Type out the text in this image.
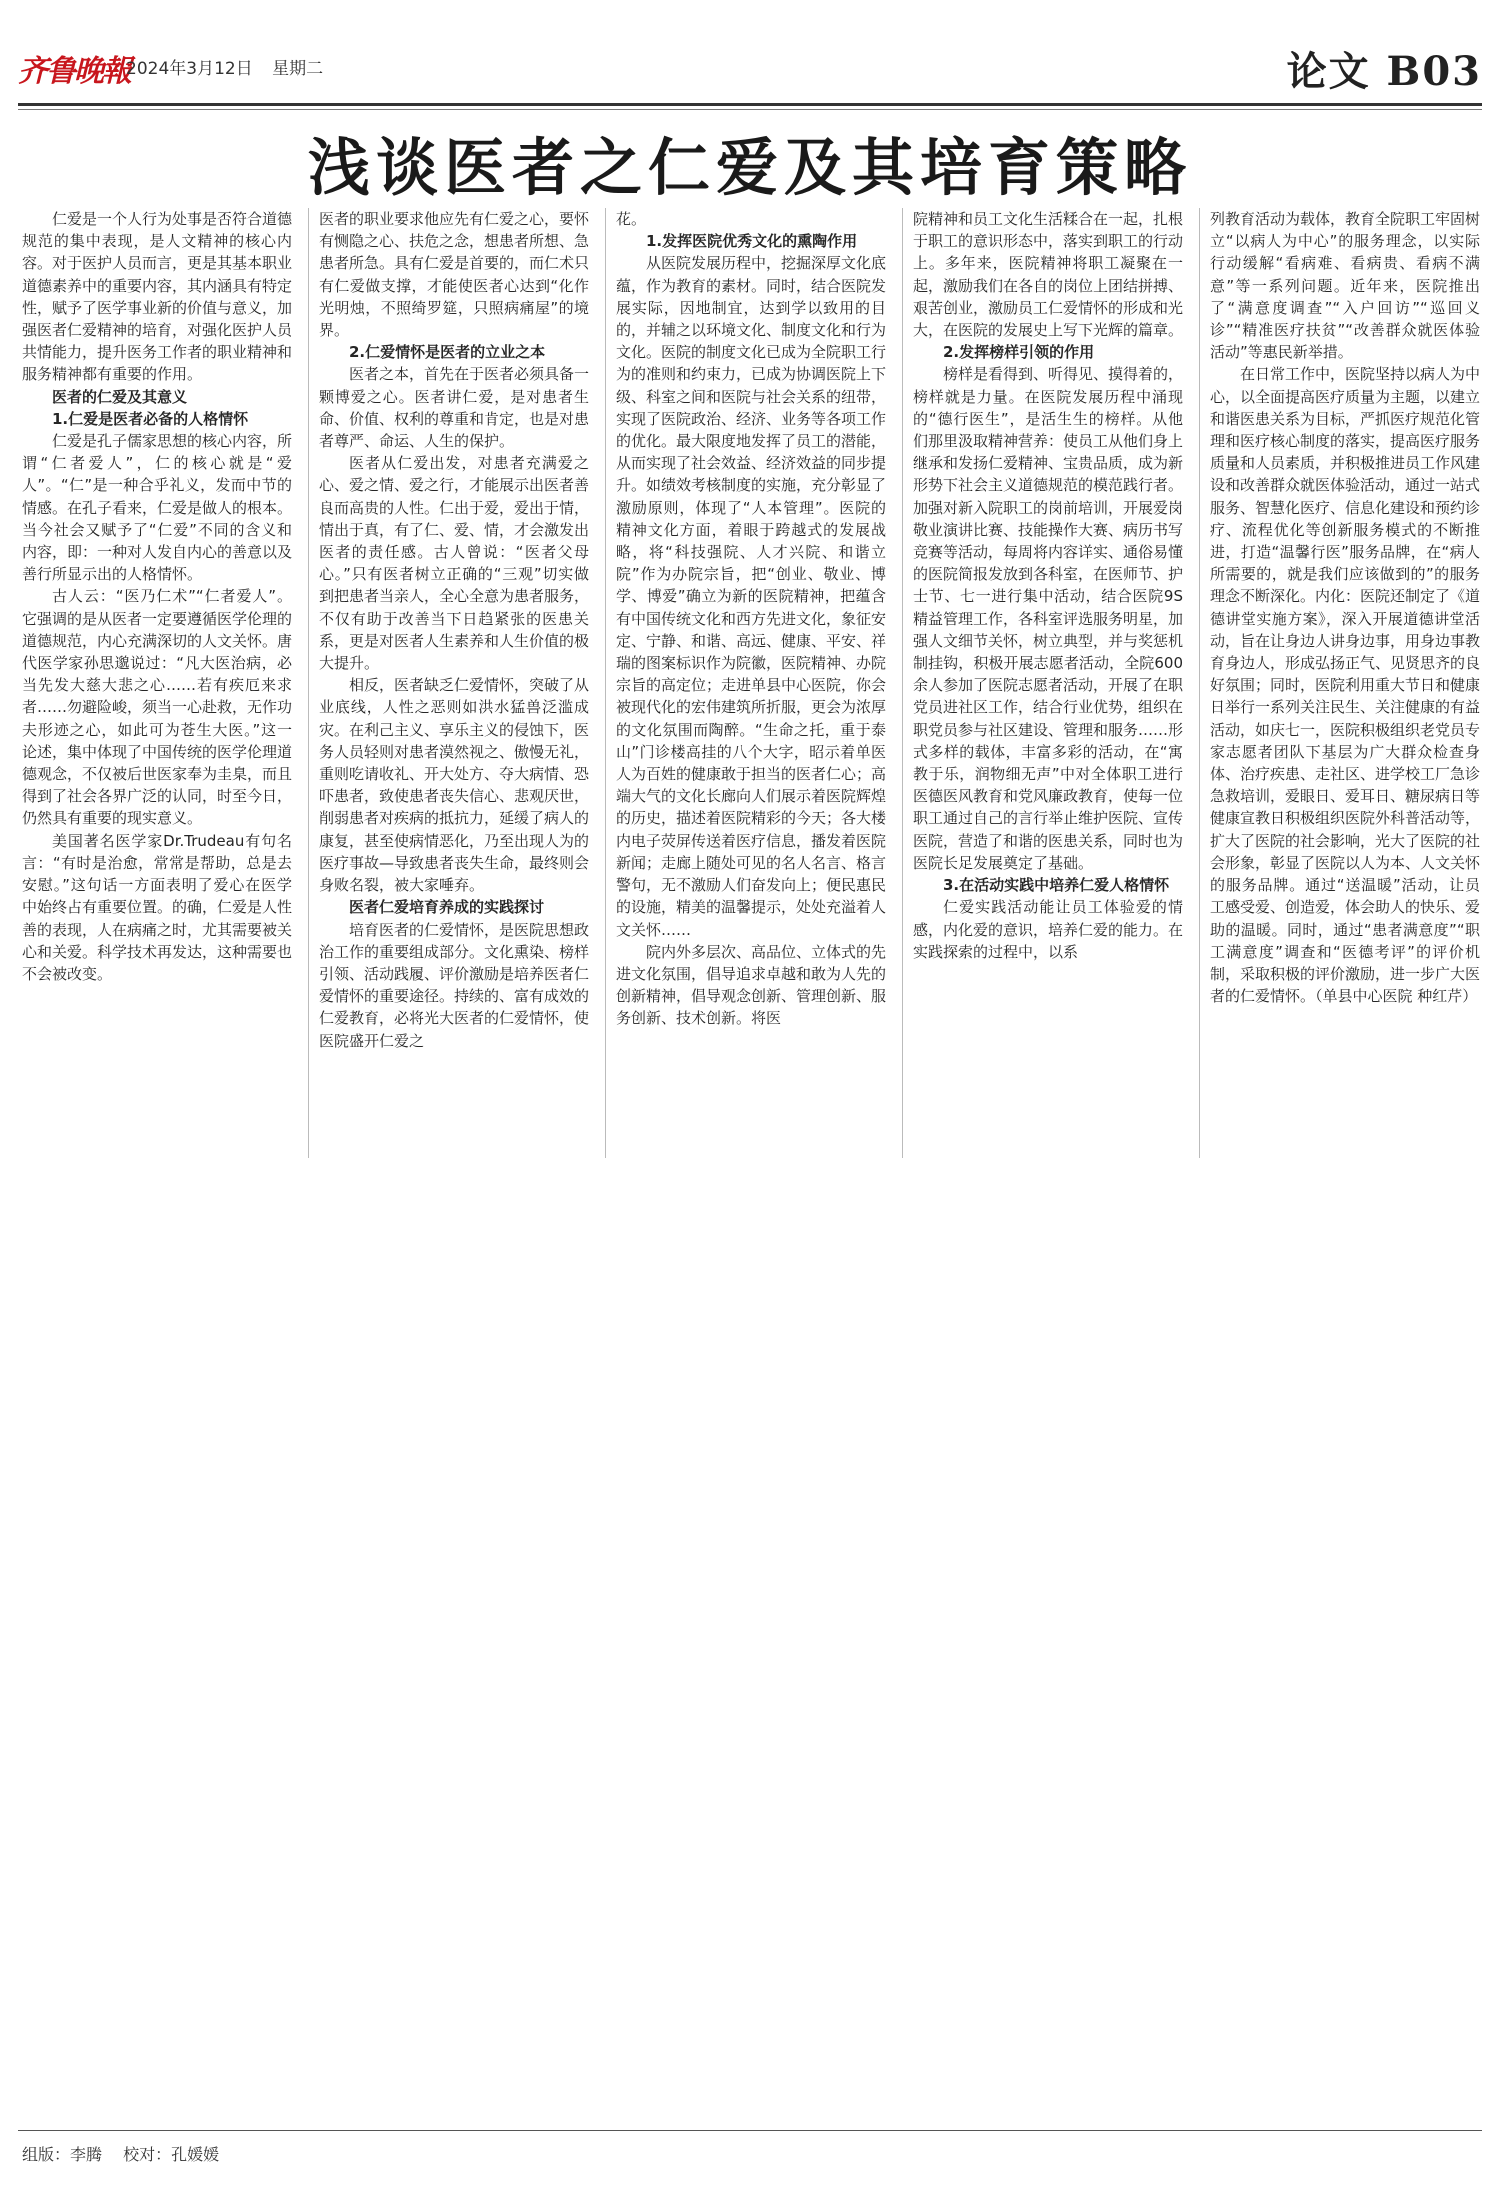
齐鲁晚報
2024年3月12日 星期二	论文 B03
浅谈医者之仁爱及其培育策略

仁爱是一个人行为处事是否符合道德规范的集中表现，是人文精神的核心内容。对于医护人员而言，更是其基本职业道德素养中的重要内容，其内涵具有特定性，赋予了医学事业新的价值与意义，加强医者仁爱精神的培育，对强化医护人员共情能力，提升医务工作者的职业精神和服务精神都有重要的作用。

医者的仁爱及其意义

1.仁爱是医者必备的人格情怀

仁爱是孔子儒家思想的核心内容，所谓“仁者爱人”，仁的核心就是“爱人”。“仁”是一种合乎礼义，发而中节的情感。在孔子看来，仁爱是做人的根本。当今社会又赋予了“仁爱”不同的含义和内容，即：一种对人发自内心的善意以及善行所显示出的人格情怀。

古人云：“医乃仁术”“仁者爱人”。它强调的是从医者一定要遵循医学伦理的道德规范，内心充满深切的人文关怀。唐代医学家孙思邈说过：“凡大医治病，必当先发大慈大悲之心……若有疾厄来求者……勿避险峻，须当一心赴救，无作功夫形迹之心，如此可为苍生大医。”这一论述，集中体现了中国传统的医学伦理道德观念，不仅被后世医家奉为圭臬，而且得到了社会各界广泛的认同，时至今日，仍然具有重要的现实意义。

美国著名医学家Dr.Trudeau有句名言：“有时是治愈，常常是帮助，总是去安慰。”这句话一方面表明了爱心在医学中始终占有重要位置。的确，仁爱是人性善的表现，人在病痛之时，尤其需要被关心和关爱。科学技术再发达，这种需要也不会被改变。

医者的职业要求他应先有仁爱之心，要怀有恻隐之心、扶危之念，想患者所想、急患者所急。具有仁爱是首要的，而仁术只有仁爱做支撑，才能使医者心达到“化作光明烛，不照绮罗筵，只照病痛屋”的境界。

2.仁爱情怀是医者的立业之本

医者之本，首先在于医者必须具备一颗博爱之心。医者讲仁爱，是对患者生命、价值、权利的尊重和肯定，也是对患者尊严、命运、人生的保护。

医者从仁爱出发，对患者充满爱之心、爱之情、爱之行，才能展示出医者善良而高贵的人性。仁出于爱，爱出于情，情出于真，有了仁、爱、情，才会激发出医者的责任感。古人曾说：“医者父母心。”只有医者树立正确的“三观”切实做到把患者当亲人，全心全意为患者服务，不仅有助于改善当下日趋紧张的医患关系，更是对医者人生素养和人生价值的极大提升。

相反，医者缺乏仁爱情怀，突破了从业底线，人性之恶则如洪水猛兽泛滥成灾。在利己主义、享乐主义的侵蚀下，医务人员轻则对患者漠然视之、傲慢无礼，重则吃请收礼、开大处方、夺大病情、恐吓患者，致使患者丧失信心、悲观厌世，削弱患者对疾病的抵抗力，延缓了病人的康复，甚至使病情恶化，乃至出现人为的医疗事故—导致患者丧失生命，最终则会身败名裂，被大家唾弃。

医者仁爱培育养成的实践探讨

培育医者的仁爱情怀，是医院思想政治工作的重要组成部分。文化熏染、榜样引领、活动践履、评价激励是培养医者仁爱情怀的重要途径。持续的、富有成效的仁爱教育，必将光大医者的仁爱情怀，使医院盛开仁爱之

花。

1.发挥医院优秀文化的熏陶作用

从医院发展历程中，挖掘深厚文化底蕴，作为教育的素材。同时，结合医院发展实际，因地制宜，达到学以致用的目的，并辅之以环境文化、制度文化和行为文化。医院的制度文化已成为全院职工行为的准则和约束力，已成为协调医院上下级、科室之间和医院与社会关系的纽带，实现了医院政治、经济、业务等各项工作的优化。最大限度地发挥了员工的潜能，从而实现了社会效益、经济效益的同步提升。如绩效考核制度的实施，充分彰显了激励原则，体现了“人本管理”。医院的精神文化方面，着眼于跨越式的发展战略，将“科技强院、人才兴院、和谐立院”作为办院宗旨，把“创业、敬业、博学、博爱”确立为新的医院精神，把蕴含有中国传统文化和西方先进文化，象征安定、宁静、和谐、高远、健康、平安、祥瑞的图案标识作为院徽，医院精神、办院宗旨的高定位；走进单县中心医院，你会被现代化的宏伟建筑所折服，更会为浓厚的文化氛围而陶醉。“生命之托，重于泰山”门诊楼高挂的八个大字，昭示着单医人为百姓的健康敢于担当的医者仁心；高端大气的文化长廊向人们展示着医院辉煌的历史，描述着医院精彩的今天；各大楼内电子荧屏传送着医疗信息，播发着医院新闻；走廊上随处可见的名人名言、格言警句，无不激励人们奋发向上；便民惠民的设施，精美的温馨提示，处处充溢着人文关怀……

院内外多层次、高品位、立体式的先进文化氛围，倡导追求卓越和敢为人先的创新精神，倡导观念创新、管理创新、服务创新、技术创新。将医

院精神和员工文化生活糅合在一起，扎根于职工的意识形态中，落实到职工的行动上。多年来，医院精神将职工凝聚在一起，激励我们在各自的岗位上团结拼搏、艰苦创业，激励员工仁爱情怀的形成和光大，在医院的发展史上写下光辉的篇章。

2.发挥榜样引领的作用

榜样是看得到、听得见、摸得着的，榜样就是力量。在医院发展历程中涌现的“德行医生”，是活生生的榜样。从他们那里汲取精神营养：使员工从他们身上继承和发扬仁爱精神、宝贵品质，成为新形势下社会主义道德规范的模范践行者。加强对新入院职工的岗前培训，开展爱岗敬业演讲比赛、技能操作大赛、病历书写竞赛等活动，每周将内容详实、通俗易懂的医院简报发放到各科室，在医师节、护士节、七一进行集中活动，结合医院9S精益管理工作，各科室评选服务明星，加强人文细节关怀，树立典型，并与奖惩机制挂钩，积极开展志愿者活动，全院600余人参加了医院志愿者活动，开展了在职党员进社区工作，结合行业优势，组织在职党员参与社区建设、管理和服务……形式多样的载体，丰富多彩的活动，在“寓教于乐，润物细无声”中对全体职工进行医德医风教育和党风廉政教育，使每一位职工通过自己的言行举止维护医院、宣传医院，营造了和谐的医患关系，同时也为医院长足发展奠定了基础。

3.在活动实践中培养仁爱人格情怀

仁爱实践活动能让员工体验爱的情感，内化爱的意识，培养仁爱的能力。在实践探索的过程中，以系

列教育活动为载体，教育全院职工牢固树立“以病人为中心”的服务理念，以实际行动缓解“看病难、看病贵、看病不满意”等一系列问题。近年来，医院推出了“满意度调查”“入户回访”“巡回义诊”“精准医疗扶贫”“改善群众就医体验活动”等惠民新举措。

在日常工作中，医院坚持以病人为中心，以全面提高医疗质量为主题，以建立和谐医患关系为目标，严抓医疗规范化管理和医疗核心制度的落实，提高医疗服务质量和人员素质，并积极推进员工作风建设和改善群众就医体验活动，通过一站式服务、智慧化医疗、信息化建设和预约诊疗、流程优化等创新服务模式的不断推进，打造“温馨行医”服务品牌，在“病人所需要的，就是我们应该做到的”的服务理念不断深化。内化：医院还制定了《道德讲堂实施方案》，深入开展道德讲堂活动，旨在让身边人讲身边事，用身边事教育身边人，形成弘扬正气、见贤思齐的良好氛围；同时，医院利用重大节日和健康日举行一系列关注民生、关注健康的有益活动，如庆七一，医院积极组织老党员专家志愿者团队下基层为广大群众检查身体、治疗疾患、走社区、进学校工厂急诊急救培训，爱眼日、爱耳日、糖尿病日等健康宣教日积极组织医院外科普活动等，扩大了医院的社会影响，光大了医院的社会形象，彰显了医院以人为本、人文关怀的服务品牌。通过“送温暖”活动，让员工感受爱、创造爱，体会助人的快乐、爱助的温暖。同时，通过“患者满意度”“职工满意度”调查和“医德考评”的评价机制，采取积极的评价激励，进一步广大医者的仁爱情怀。（单县中心医院 种红芹）

组版：李腾 校对：孔媛媛
